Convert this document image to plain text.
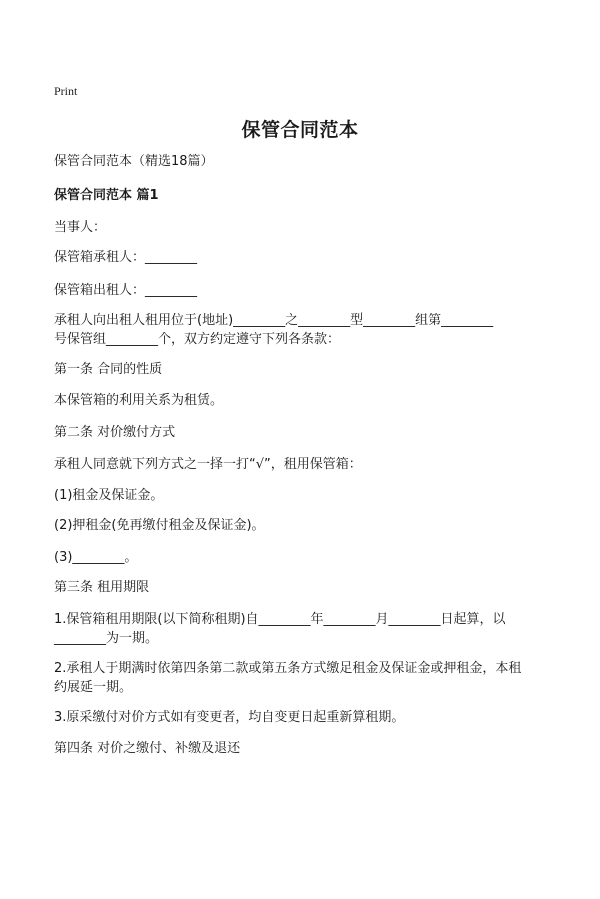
Print
保管合同范本
保管合同范本（精选18篇）
保管合同范本 篇1
当事人：
保管箱承租人：________
保管箱出租人：________
承租人向出租人租用位于(地址)________之________型________组第________
号保管组________个，双方约定遵守下列各条款：
第一条 合同的性质
本保管箱的利用关系为租赁。
第二条 对价缴付方式
承租人同意就下列方式之一择一打“√”，租用保管箱：
(1)租金及保证金。
(2)押租金(免再缴付租金及保证金)。
(3)________。
第三条 租用期限
1.保管箱租用期限(以下简称租期)自________年________月________日起算，以
________为一期。
2.承租人于期满时依第四条第二款或第五条方式缴足租金及保证金或押租金，本租
约展延一期。
3.原采缴付对价方式如有变更者，均自变更日起重新算租期。
第四条 对价之缴付、补缴及退还
